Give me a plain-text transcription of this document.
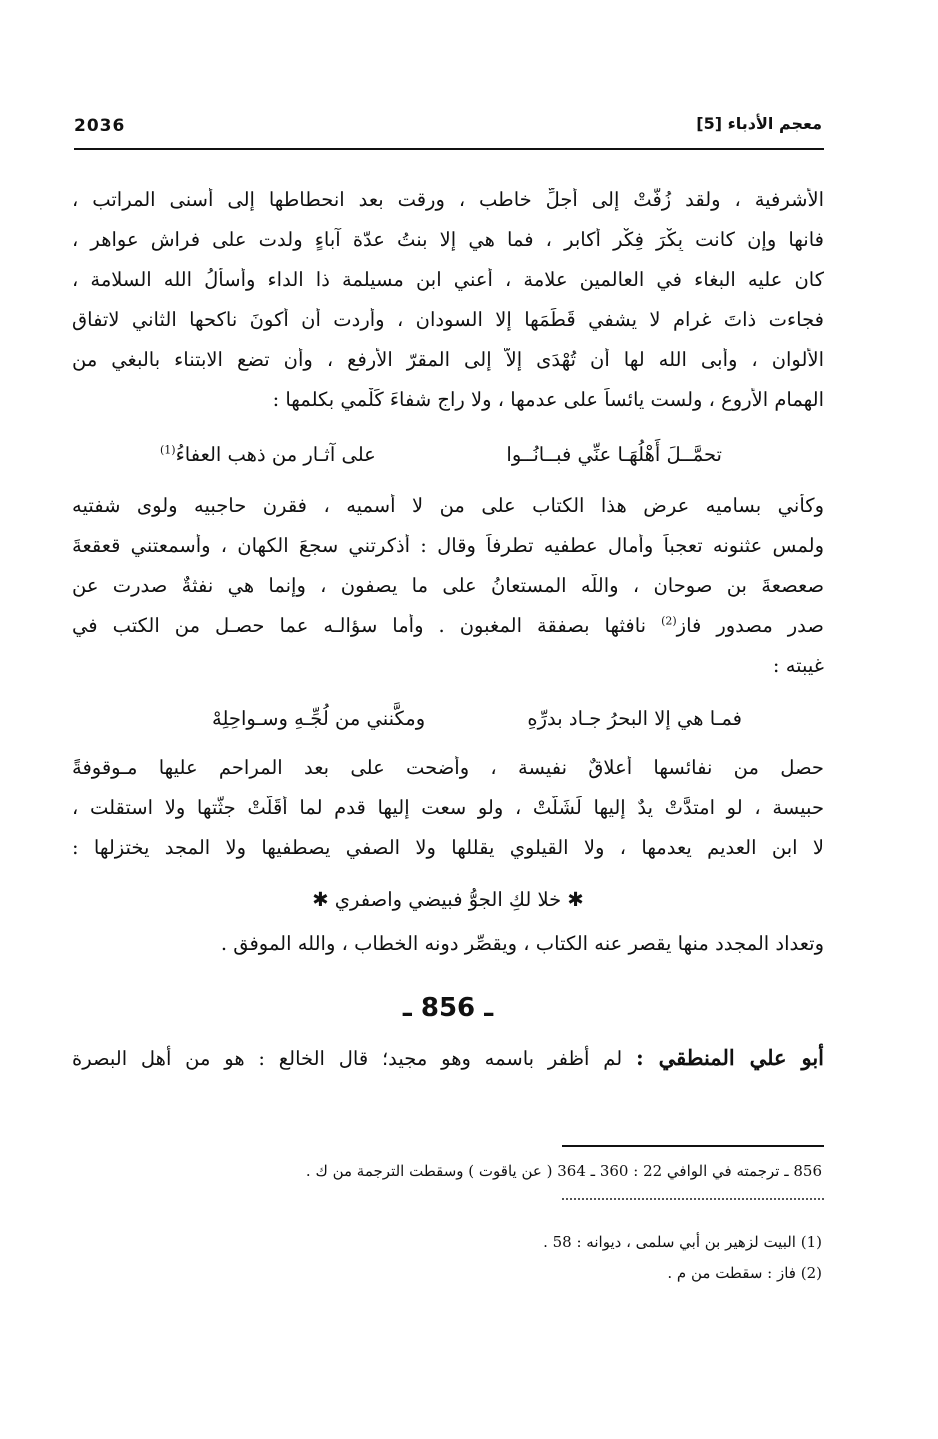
2036	معجم الأدباء [5]
الأشرفية ، ولقد زُفّتْ إلى أجلِّ خاطب ، ورقت بعد انحطاطها إلى أسنى المراتب ،
فانها وإن كانت بِكْرَ فِكْرٍ أكابر ، فما هي إلا بنتُ عدّة آباءٍ ولدت على فراش عواهر ،
كان عليه البغاء في العالمين علامة ، أعني ابن مسيلمة ذا الداء وأسألُ الله السلامة ،
فجاءت ذاتَ غرام لا يشفي قَطَمَها إلا السودان ، وأردت أن أكونَ ناكحها الثاني لاتفاق
الألوان ، وأبى الله لها أن تُهْدَى إلاّ إلى المقرّ الأرفع ، وأن تضع الابتناء بالبغي من
الهمام الأروع ، ولست يائساً على عدمها ، ولا راجٍ شفاءَ كَلْمي بكلمها :
تحمَّــلَ أَهْلُهَـا عنِّي فبــانُــوا
على آثـار من ذهب العفاءُ$^{(1)}$
وكأني بساميه عرض هذا الكتاب على من لا أسميه ، فقرن حاجبيه ولوى شفتيه
ولمس عثنونه تعجباً وأمال عطفيه تطرفاً وقال : أذكرتني سجعَ الكهان ، وأسمعتني قعقعةَ
صعصعةَ بن صوحان ، واللّه المستعانُ على ما يصفون ، وإنما هي نفثةٌ صدرت عن
صدر مصدور فاز$^{(2)}$ نافثها بصفقة المغبون . وأما سؤالـه عما حصـل من الكتب في
غيبته :
فمـا هي إلا البحرُ جـاد بدرِّهِ
ومكَّنني من لُجِّـهِ وسـواحِلِهْ
حصل من نفائسها أعلاقٌ نفيسة ، وأضحت على بعد المراحم عليها مـوقوفةً
حبيسة ، لو امتدَّتْ يدٌ إليها لَشَلَّتْ ، ولو سعت إليها قدم لما أَقَلّتْ جثّتها ولا استقلت ،
لا ابن العديم يعدمها ، ولا القيلوي يقللها ولا الصفي يصطفيها ولا المجد يختزلها :
✱ خلا لكِ الجوُّ فبيضي واصفري ✱
وتعداد المجدد منها يقصر عنه الكتاب ، ويقصِّر دونه الخطاب ، والله الموفق .
ـ 856 ـ
أبو علي المنطقي : لم أظفر باسمه وهو مجيد؛ قال الخالع : هو من أهل البصرة
856 ـ ترجمته في الوافي 22 : 360 ـ 364 ( عن ياقوت ) وسقطت الترجمة من ك .
(1) البيت لزهير بن أبي سلمى ، ديوانه : 58 .
(2) فاز : سقطت من م .
